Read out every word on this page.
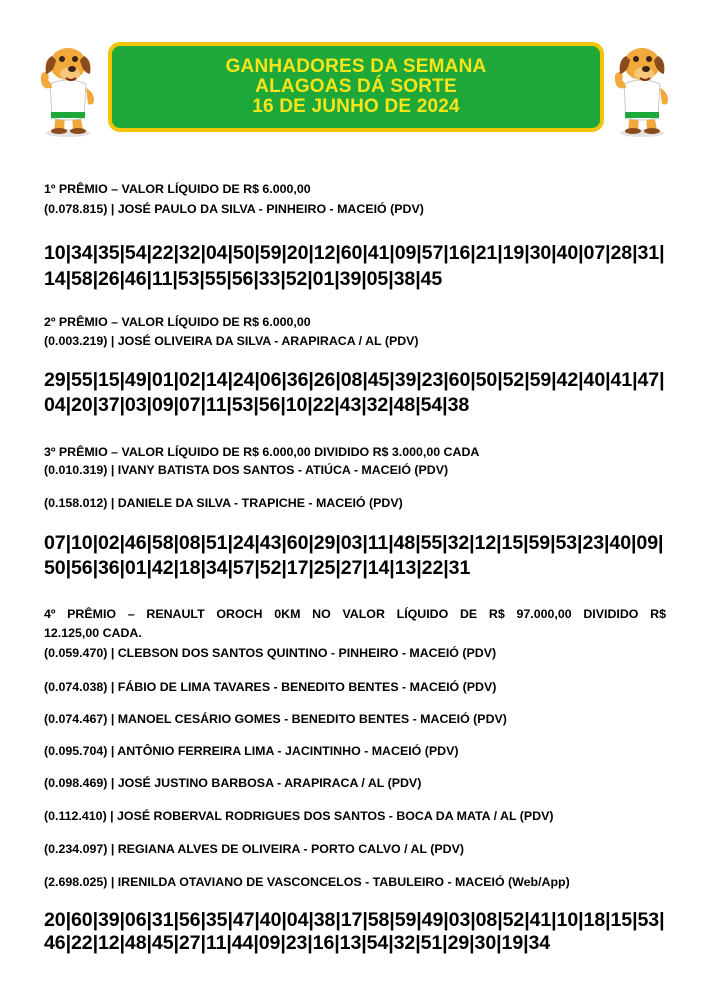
GANHADORES DA SEMANA
ALAGOAS DÁ SORTE
16 DE JUNHO DE 2024
1º PRÊMIO – VALOR LÍQUIDO DE R$ 6.000,00
(0.078.815) | JOSÉ PAULO DA SILVA - PINHEIRO - MACEIÓ (PDV)
10|34|35|54|22|32|04|50|59|20|12|60|41|09|57|16|21|19|30|40|07|28|31|
14|58|26|46|11|53|55|56|33|52|01|39|05|38|45
2º PRÊMIO – VALOR LÍQUIDO DE R$ 6.000,00
(0.003.219) | JOSÉ OLIVEIRA DA SILVA - ARAPIRACA / AL (PDV)
29|55|15|49|01|02|14|24|06|36|26|08|45|39|23|60|50|52|59|42|40|41|47|
04|20|37|03|09|07|11|53|56|10|22|43|32|48|54|38
3º PRÊMIO – VALOR LÍQUIDO DE R$ 6.000,00 DIVIDIDO R$ 3.000,00 CADA
(0.010.319) | IVANY BATISTA DOS SANTOS - ATIÚCA - MACEIÓ (PDV)
(0.158.012) | DANIELE DA SILVA - TRAPICHE - MACEIÓ (PDV)
07|10|02|46|58|08|51|24|43|60|29|03|11|48|55|32|12|15|59|53|23|40|09|
50|56|36|01|42|18|34|57|52|17|25|27|14|13|22|31
4º PRÊMIO – RENAULT OROCH 0KM NO VALOR LÍQUIDO DE R$ 97.000,00 DIVIDIDO R$
12.125,00 CADA.
(0.059.470) | CLEBSON DOS SANTOS QUINTINO - PINHEIRO - MACEIÓ (PDV)
(0.074.038) | FÁBIO DE LIMA TAVARES - BENEDITO BENTES - MACEIÓ (PDV)
(0.074.467) | MANOEL CESÁRIO GOMES - BENEDITO BENTES - MACEIÓ (PDV)
(0.095.704) | ANTÔNIO FERREIRA LIMA - JACINTINHO - MACEIÓ (PDV)
(0.098.469) | JOSÉ JUSTINO BARBOSA - ARAPIRACA / AL (PDV)
(0.112.410) | JOSÉ ROBERVAL RODRIGUES DOS SANTOS - BOCA DA MATA / AL (PDV)
(0.234.097) | REGIANA ALVES DE OLIVEIRA - PORTO CALVO / AL (PDV)
(2.698.025) | IRENILDA OTAVIANO DE VASCONCELOS - TABULEIRO - MACEIÓ (Web/App)
20|60|39|06|31|56|35|47|40|04|38|17|58|59|49|03|08|52|41|10|18|15|53|
46|22|12|48|45|27|11|44|09|23|16|13|54|32|51|29|30|19|34
